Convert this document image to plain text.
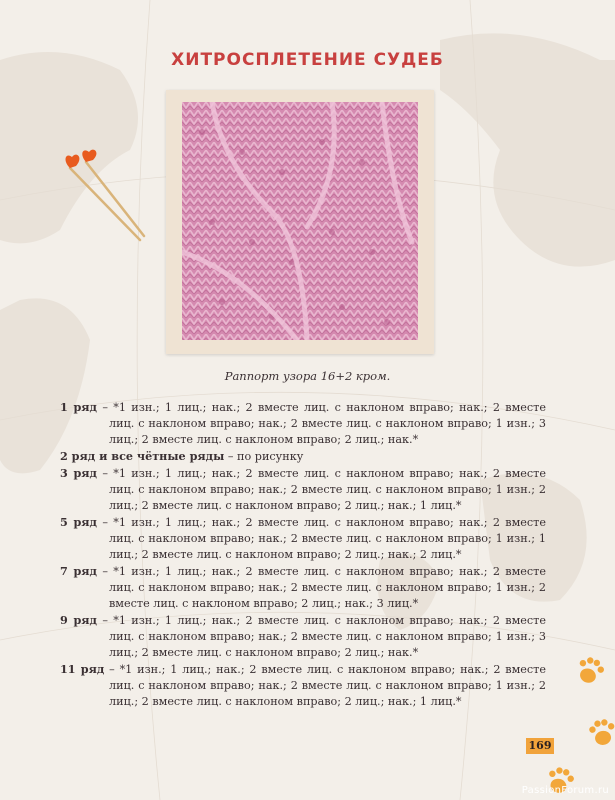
ХИТРОСПЛЕТЕНИЕ СУДЕБ
Раппорт узора 16+2 кром.
1 ряд – *1 изн.; 1 лиц.; нак.; 2 вместе лиц. с наклоном вправо; нак.; 2 вместе лиц. с наклоном вправо; нак.; 2 вместе лиц. с наклоном вправо; 1 изн.; 3 лиц.; 2 вместе лиц. с наклоном вправо; 2 лиц.; нак.*
2 ряд и все чётные ряды – по рисунку
3 ряд – *1 изн.; 1 лиц.; нак.; 2 вместе лиц. с наклоном вправо; нак.; 2 вместе лиц. с наклоном вправо; нак.; 2 вместе лиц. с наклоном вправо; 1 изн.; 2 лиц.; 2 вместе лиц. с наклоном вправо; 2 лиц.; нак.; 1 лиц.*
5 ряд – *1 изн.; 1 лиц.; нак.; 2 вместе лиц. с наклоном вправо; нак.; 2 вместе лиц. с наклоном вправо; нак.; 2 вместе лиц. с наклоном вправо; 1 изн.; 1 лиц.; 2 вместе лиц. с наклоном вправо; 2 лиц.; нак.; 2 лиц.*
7 ряд – *1 изн.; 1 лиц.; нак.; 2 вместе лиц. с наклоном вправо; нак.; 2 вместе лиц. с наклоном вправо; нак.; 2 вместе лиц. с наклоном вправо; 1 изн.; 2 вместе лиц. с наклоном вправо; 2 лиц.; нак.; 3 лиц.*
9 ряд – *1 изн.; 1 лиц.; нак.; 2 вместе лиц. с наклоном вправо; нак.; 2 вместе лиц. с наклоном вправо; нак.; 2 вместе лиц. с наклоном вправо; 1 изн.; 3 лиц.; 2 вместе лиц. с наклоном вправо; 2 лиц.; нак.*
11 ряд – *1 изн.; 1 лиц.; нак.; 2 вместе лиц. с наклоном вправо; нак.; 2 вместе лиц. с наклоном вправо; нак.; 2 вместе лиц. с наклоном вправо; 1 изн.; 2 лиц.; 2 вместе лиц. с наклоном вправо; 2 лиц.; нак.; 1 лиц.*
169
PassionForum.ru
